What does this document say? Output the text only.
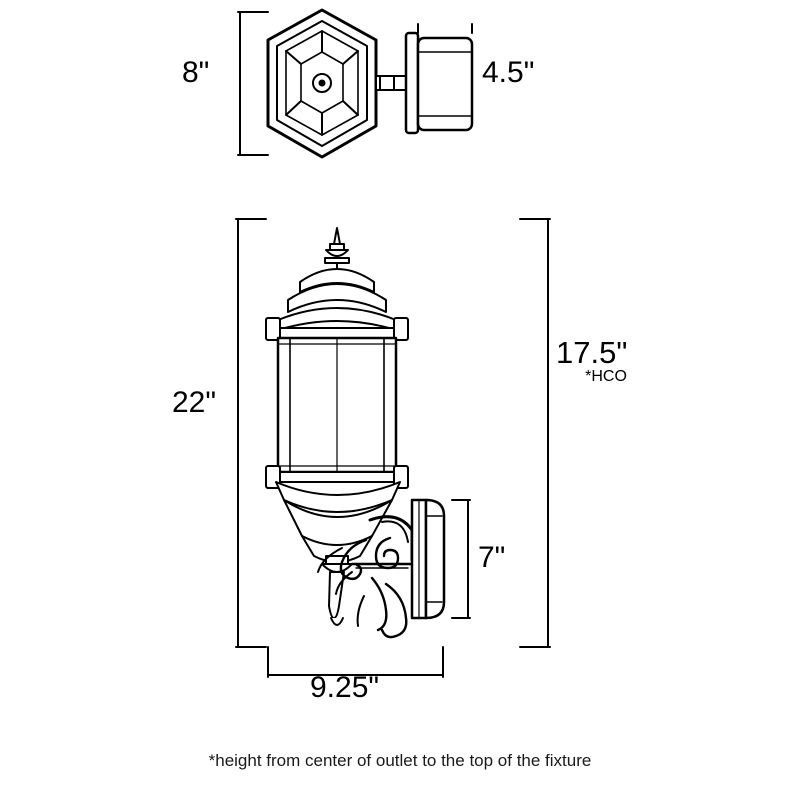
8"	4.5"
22"
17.5"
*HCO
7"
9.25"
*height from center of outlet to the top of the fixture
